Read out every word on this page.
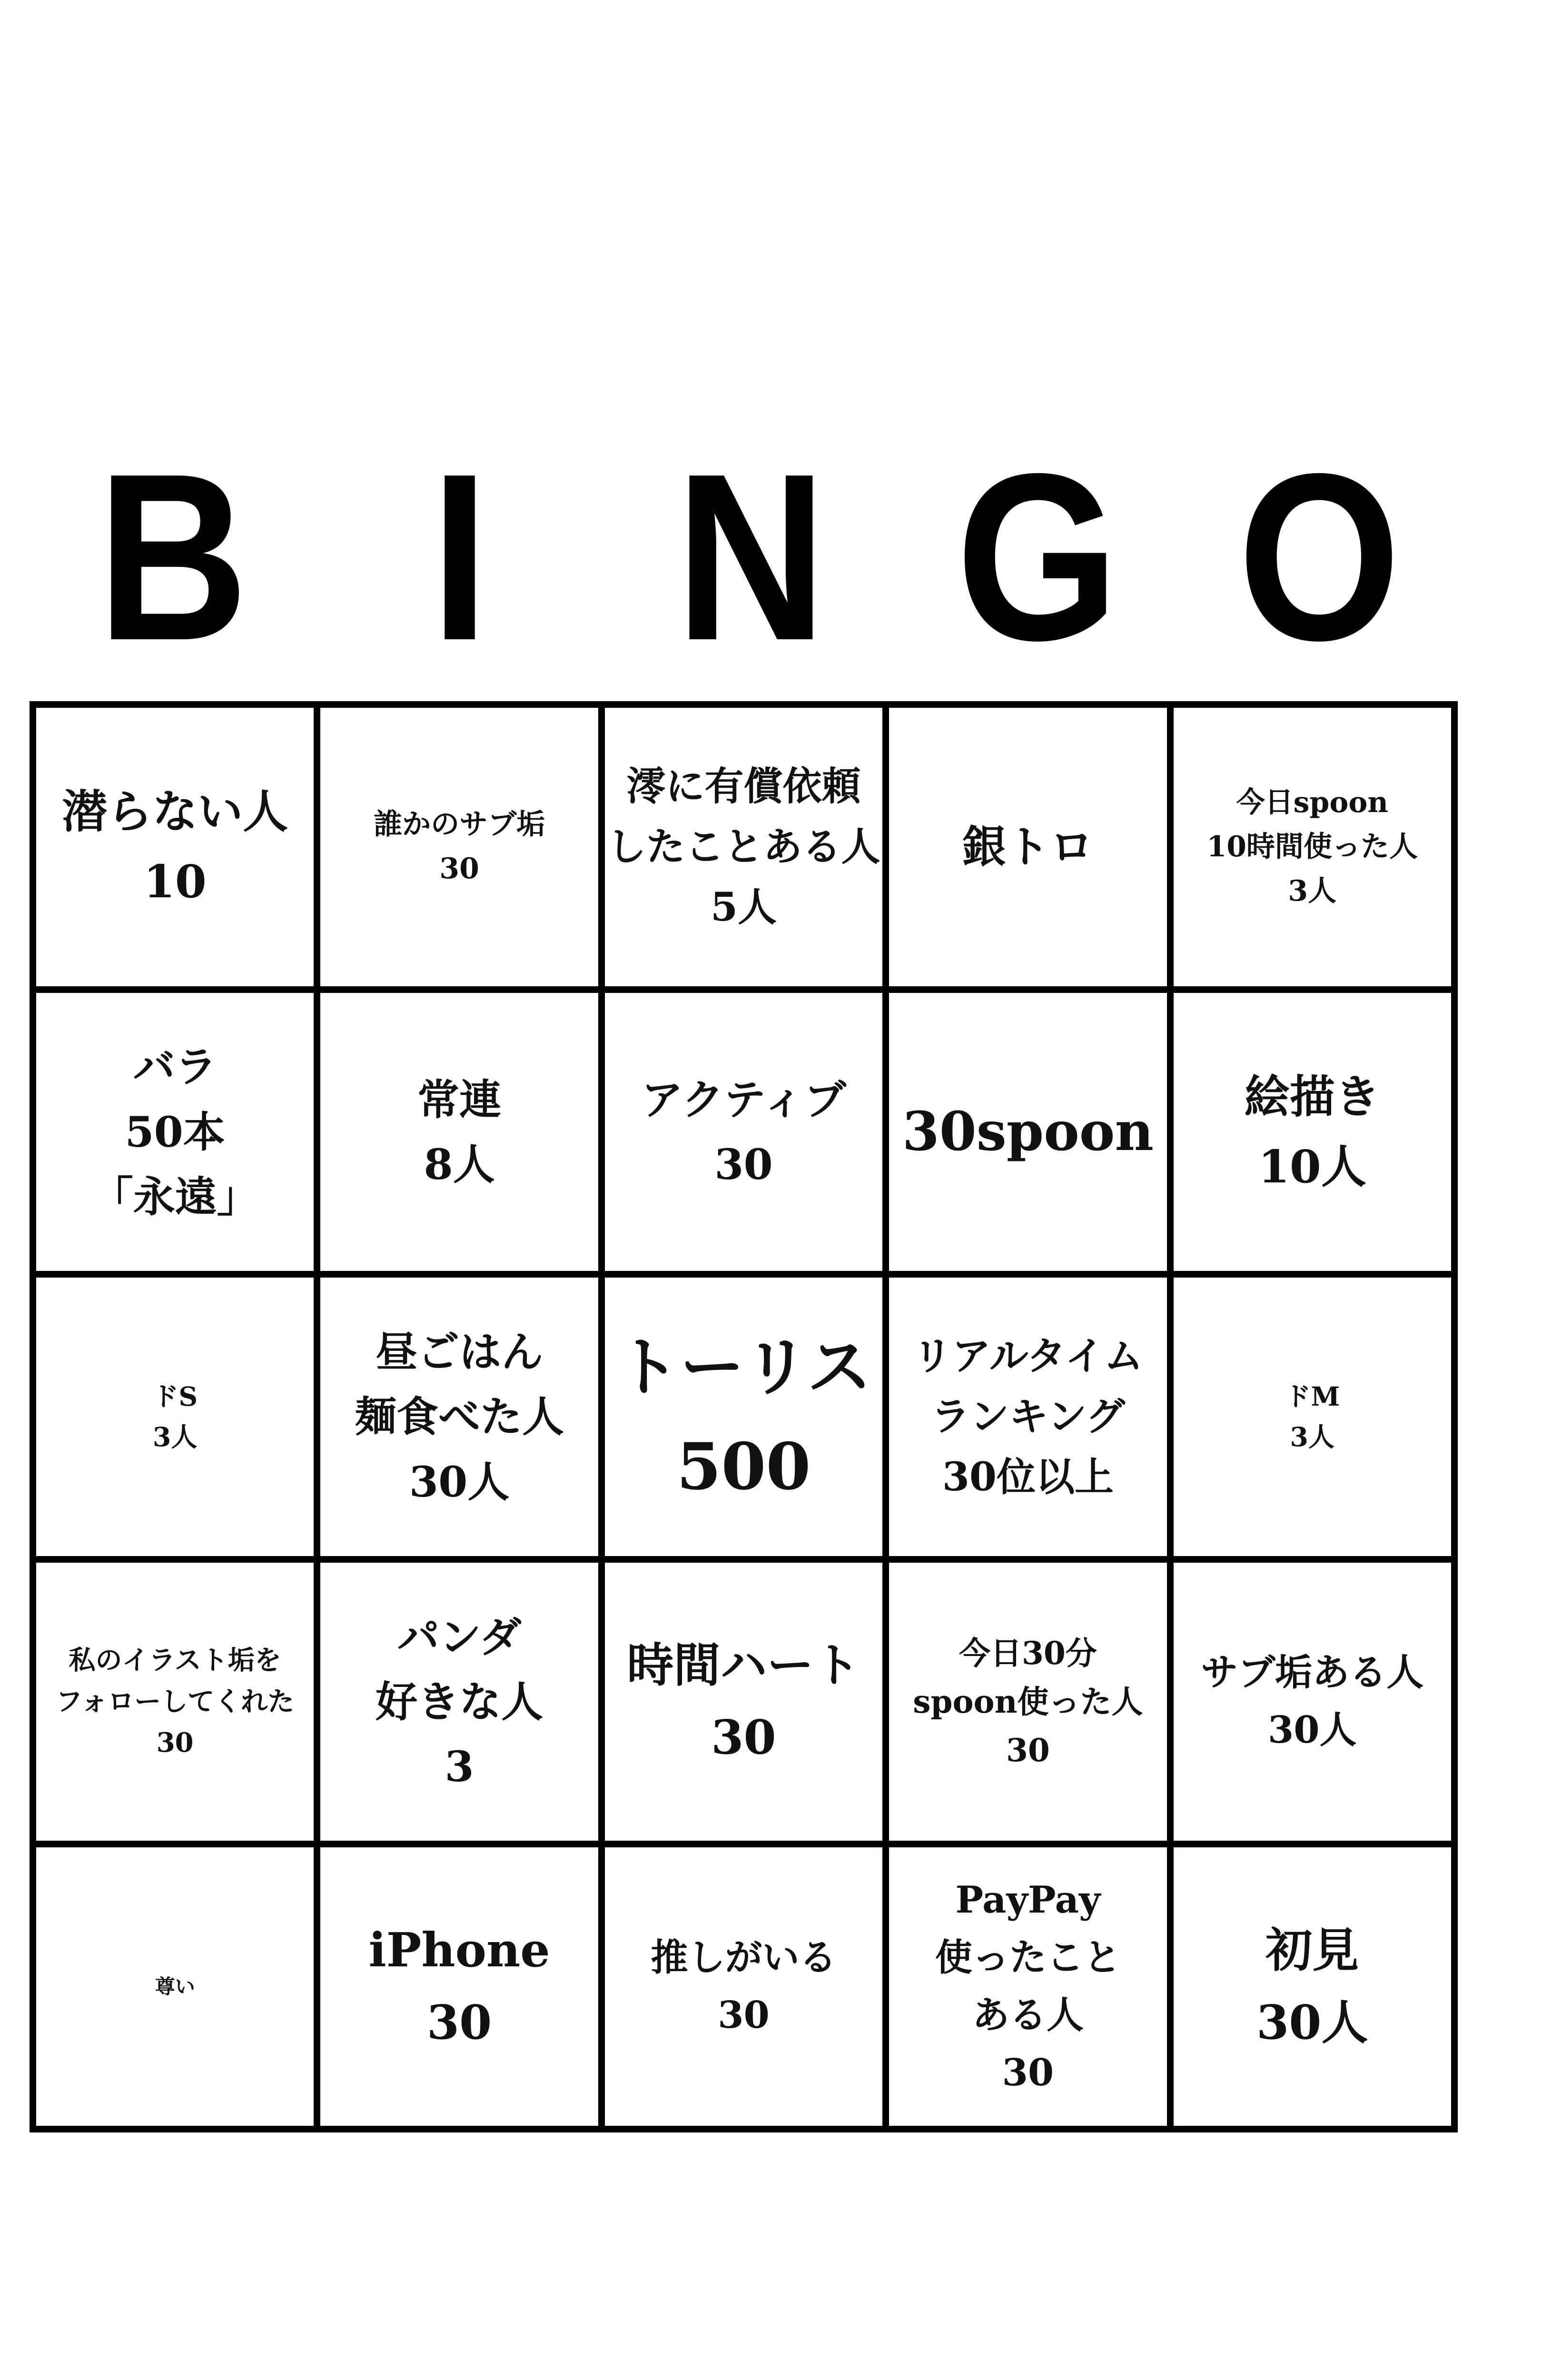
B I N G O
潜らない人
10
誰かのサブ垢
30
澪に有償依頼
したことある人
5人
銀トロ
今日spoon
10時間使った人
3人
バラ
50本
「永遠」
常連
8人
アクティブ
30
30spoon
絵描き
10人
ドS
3人
昼ごはん
麺食べた人
30人
トーリス
500
リアルタイム
ランキング
30位以上
ドM
3人
私のイラスト垢を
フォローしてくれた
30
パンダ
好きな人
3
時間ハート
30
今日30分
spoon使った人
30
サブ垢ある人
30人
尊い
iPhone
30
推しがいる
30
PayPay
使ったこと
ある人
30
初見
30人
